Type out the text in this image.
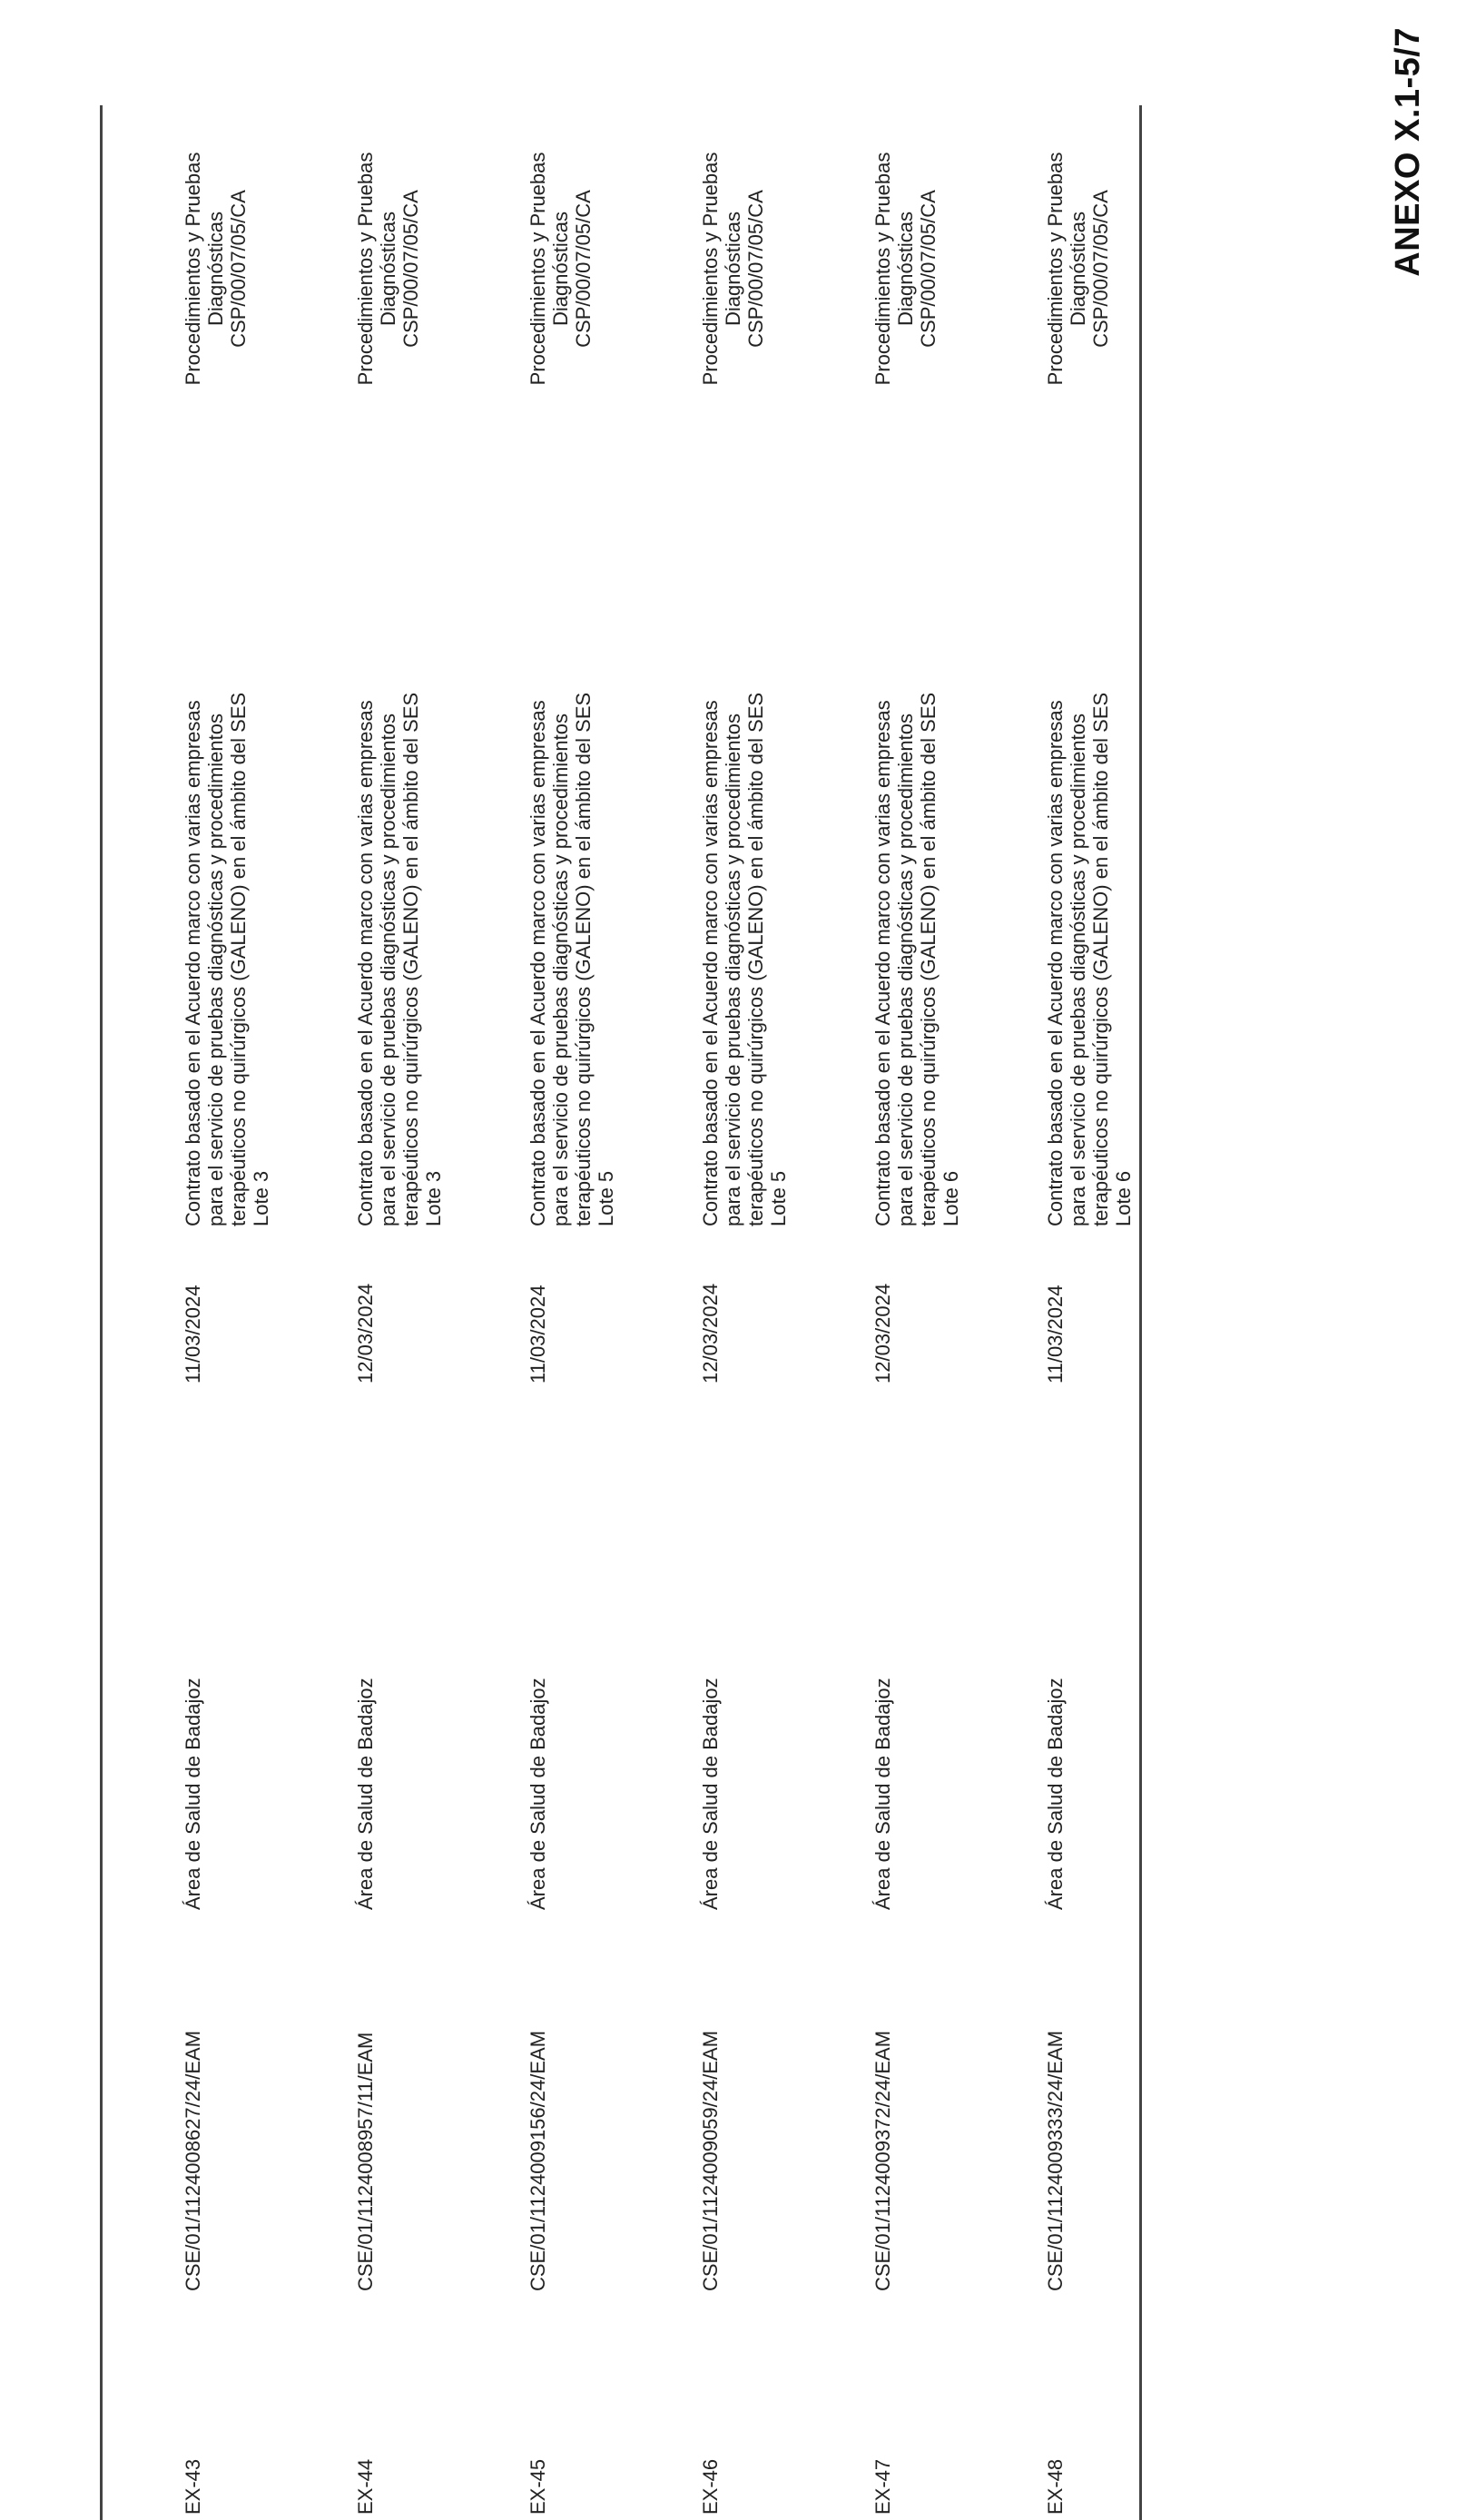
ANEXO X.1-5/7
EX-43
CSE/01/1124008627/24/EAM
Área de Salud de Badajoz
11/03/2024
Contrato basado en el Acuerdo marco con varias empresas para el servicio de pruebas diagnósticas y procedimientos terapéuticos no quirúrgicos (GALENO) en el ámbito del SES Lote 3
Procedimientos y Pruebas Diagnósticas CSP/00/07/05/CA
EX-44
CSE/01/1124008957/11/EAM
Área de Salud de Badajoz
12/03/2024
Contrato basado en el Acuerdo marco con varias empresas para el servicio de pruebas diagnósticas y procedimientos terapéuticos no quirúrgicos (GALENO) en el ámbito del SES Lote 3
Procedimientos y Pruebas Diagnósticas CSP/00/07/05/CA
EX-45
CSE/01/1124009156/24/EAM
Área de Salud de Badajoz
11/03/2024
Contrato basado en el Acuerdo marco con varias empresas para el servicio de pruebas diagnósticas y procedimientos terapéuticos no quirúrgicos (GALENO) en el ámbito del SES Lote 5
Procedimientos y Pruebas Diagnósticas CSP/00/07/05/CA
EX-46
CSE/01/1124009059/24/EAM
Área de Salud de Badajoz
12/03/2024
Contrato basado en el Acuerdo marco con varias empresas para el servicio de pruebas diagnósticas y procedimientos terapéuticos no quirúrgicos (GALENO) en el ámbito del SES Lote 5
Procedimientos y Pruebas Diagnósticas CSP/00/07/05/CA
EX-47
CSE/01/1124009372/24/EAM
Área de Salud de Badajoz
12/03/2024
Contrato basado en el Acuerdo marco con varias empresas para el servicio de pruebas diagnósticas y procedimientos terapéuticos no quirúrgicos (GALENO) en el ámbito del SES Lote 6
Procedimientos y Pruebas Diagnósticas CSP/00/07/05/CA
EX-48
CSE/01/1124009333/24/EAM
Área de Salud de Badajoz
11/03/2024
Contrato basado en el Acuerdo marco con varias empresas para el servicio de pruebas diagnósticas y procedimientos terapéuticos no quirúrgicos (GALENO) en el ámbito del SES Lote 6
Procedimientos y Pruebas Diagnósticas CSP/00/07/05/CA
